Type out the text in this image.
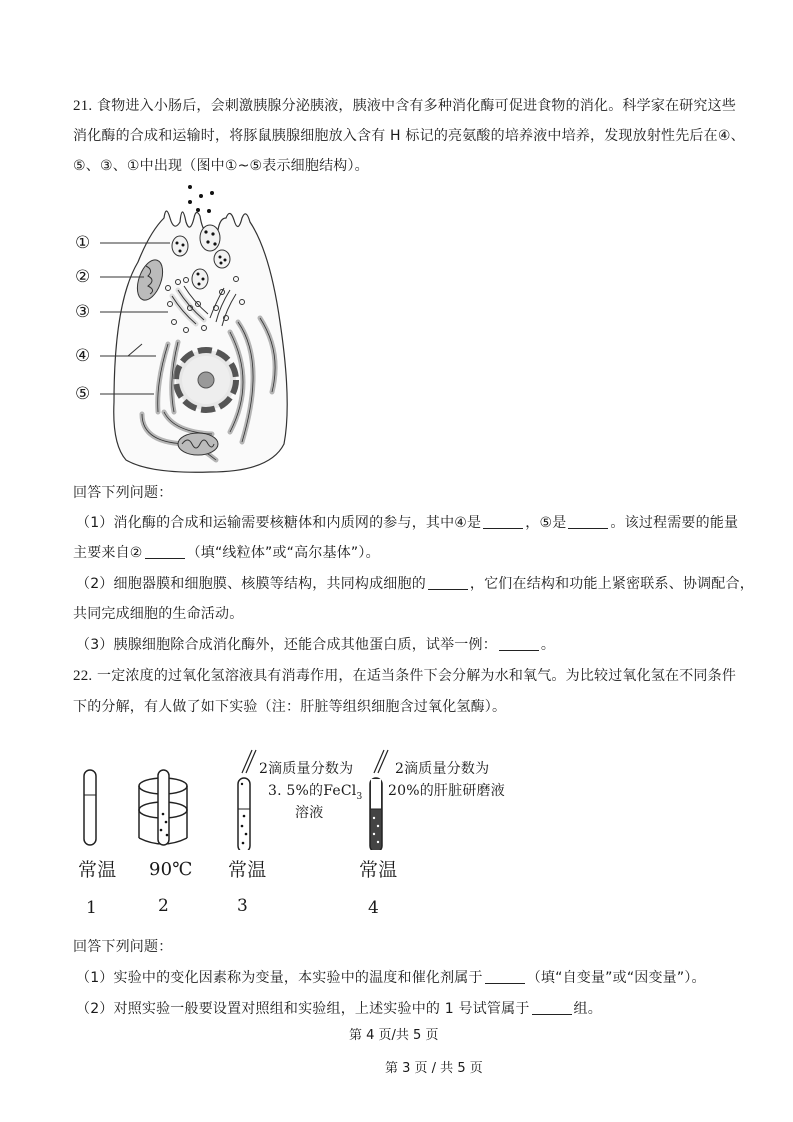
21. 食物进入小肠后，会刺激胰腺分泌胰液，胰液中含有多种消化酶可促进食物的消化。科学家在研究这些
消化酶的合成和运输时，将豚鼠胰腺细胞放入含有 H 标记的亮氨酸的培养液中培养，发现放射性先后在④、
⑤、③、①中出现（图中①~⑤表示细胞结构）。
①
②
③
④
⑤
回答下列问题：
（1）消化酶的合成和运输需要核糖体和内质网的参与，其中④是	，⑤是	。该过程需要的能量
主要来自②	（填“线粒体”或“高尔基体”）。
（2）细胞器膜和细胞膜、核膜等结构，共同构成细胞的	，它们在结构和功能上紧密联系、协调配合，
共同完成细胞的生命活动。
（3）胰腺细胞除合成消化酶外，还能合成其他蛋白质，试举一例：	。
22. 一定浓度的过氧化氢溶液具有消毒作用，在适当条件下会分解为水和氧气。为比较过氧化氢在不同条件
下的分解，有人做了如下实验（注：肝脏等组织细胞含过氧化氢酶）。
2滴质量分数为
3. 5%的FeCl$_3$
溶液
2滴质量分数为
20%的肝脏研磨液
常温 90℃ 常温	常温
1	2	3	4
回答下列问题：
（1）实验中的变化因素称为变量，本实验中的温度和催化剂属于	（填“自变量”或“因变量”）。
（2）对照实验一般要设置对照组和实验组，上述实验中的 1 号试管属于	组。
第 4 页/共 5 页
第 3 页 / 共 5 页
